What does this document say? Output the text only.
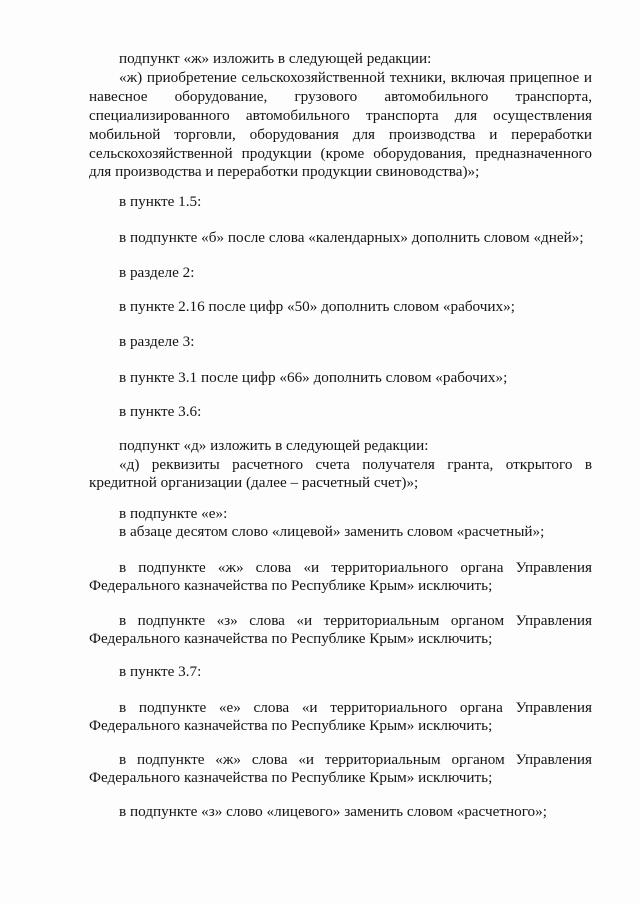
подпункт «ж» изложить в следующей редакции:
«ж) приобретение сельскохозяйственной техники, включая прицепное и
навесное оборудование, грузового автомобильного транспорта,
специализированного автомобильного транспорта для осуществления
мобильной торговли, оборудования для производства и переработки
сельскохозяйственной продукции (кроме оборудования, предназначенного
для производства и переработки продукции свиноводства)»;
в пункте 1.5:
в подпункте «б» после слова «календарных» дополнить словом «дней»;
в разделе 2:
в пункте 2.16 после цифр «50» дополнить словом «рабочих»;
в разделе 3:
в пункте 3.1 после цифр «66» дополнить словом «рабочих»;
в пункте 3.6:
подпункт «д» изложить в следующей редакции:
«д) реквизиты расчетного счета получателя гранта, открытого в
кредитной организации (далее – расчетный счет)»;
в подпункте «е»:
в абзаце десятом слово «лицевой» заменить словом «расчетный»;
в подпункте «ж» слова «и территориального органа Управления
Федерального казначейства по Республике Крым» исключить;
в подпункте «з» слова «и территориальным органом Управления
Федерального казначейства по Республике Крым» исключить;
в пункте 3.7:
в подпункте «е» слова «и территориального органа Управления
Федерального казначейства по Республике Крым» исключить;
в подпункте «ж» слова «и территориальным органом Управления
Федерального казначейства по Республике Крым» исключить;
в подпункте «з» слово «лицевого» заменить словом «расчетного»;
